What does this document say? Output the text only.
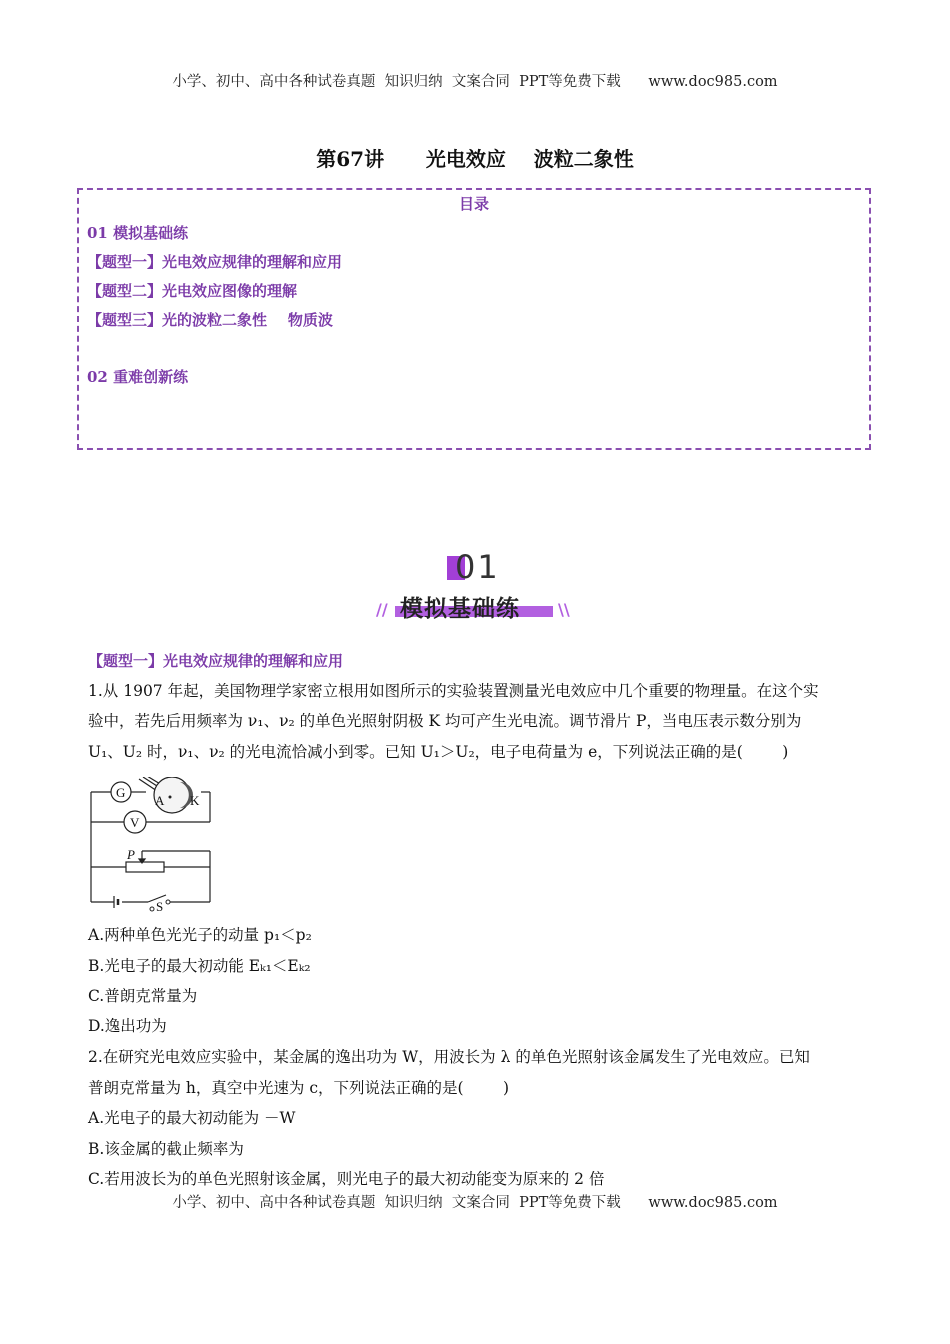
小学、初中、高中各种试卷真题  知识归纳  文案合同  PPT等免费下载      www.doc985.com
第67讲      光电效应    波粒二象性
目录
01 模拟基础练
【题型一】光电效应规律的理解和应用
【题型二】光电效应图像的理解
【题型三】光的波粒二象性    物质波
02 重难创新练
01
模拟基础练
//	\\
【题型一】光电效应规律的理解和应用
1.从 1907 年起，美国物理学家密立根用如图所示的实验装置测量光电效应中几个重要的物理量。在这个实
验中，若先后用频率为 ν₁、ν₂ 的单色光照射阴极 K 均可产生光电流。调节滑片 P，当电压表示数分别为
U₁、U₂ 时，ν₁、ν₂ 的光电流恰减小到零。已知 U₁＞U₂，电子电荷量为 e，下列说法正确的是(        )
G
A K
V
P
S
A.两种单色光光子的动量 p₁＜p₂
B.光电子的最大初动能 Eₖ₁＜Eₖ₂
C.普朗克常量为
D.逸出功为
2.在研究光电效应实验中，某金属的逸出功为 W，用波长为 λ 的单色光照射该金属发生了光电效应。已知
普朗克常量为 h，真空中光速为 c，下列说法正确的是(        )
A.光电子的最大初动能为 －W
B.该金属的截止频率为
C.若用波长为的单色光照射该金属，则光电子的最大初动能变为原来的 2 倍
小学、初中、高中各种试卷真题  知识归纳  文案合同  PPT等免费下载      www.doc985.com
